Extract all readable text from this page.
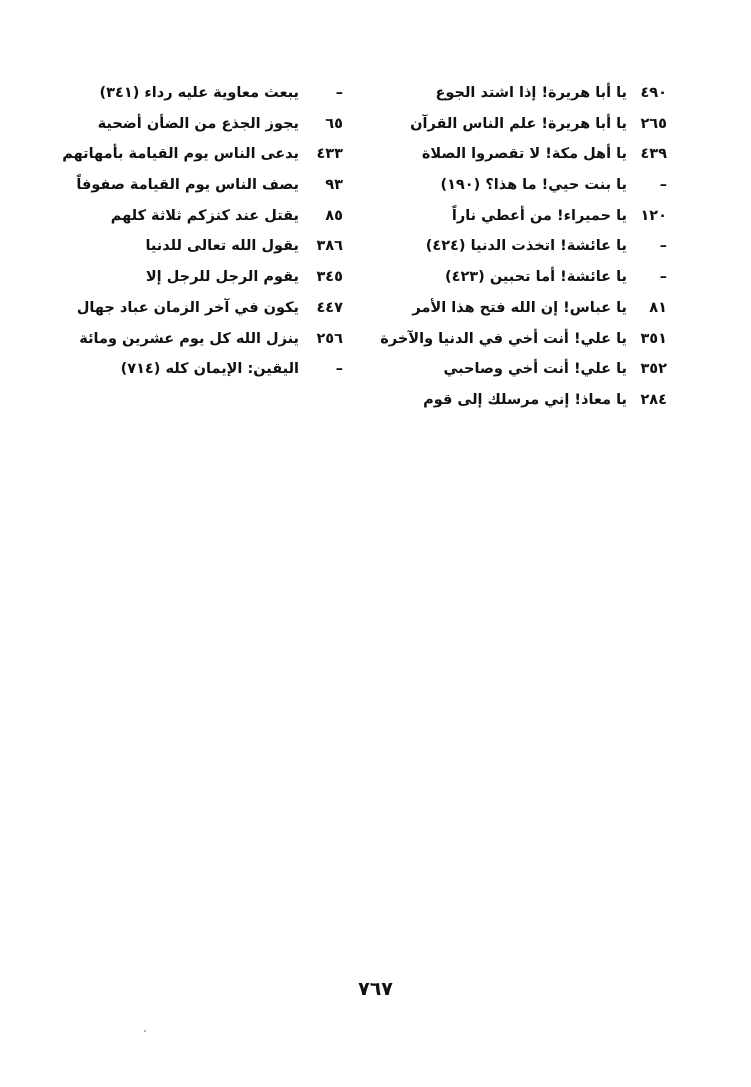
٤٩٠
يا أبا هريرة! إذا اشتد الجوع
٢٦٥
يا أبا هريرة! علم الناس القرآن
٤٣٩
يا أهل مكة! لا تقصروا الصلاة
–
يا بنت حيي! ما هذا؟ (١٩٠)
١٢٠
يا حميراء! من أعطي ناراً
–
يا عائشة! اتخذت الدنيا (٤٢٤)
–
يا عائشة! أما تحبين (٤٢٣)
٨١
يا عباس! إن الله فتح هذا الأمر
٣٥١
يا علي! أنت أخي في الدنيا والآخرة
٣٥٢
يا علي! أنت أخي وصاحبي
٢٨٤
يا معاذ! إني مرسلك إلى قوم
–
يبعث معاوية عليه رداء (٣٤١)
٦٥
يجوز الجذع من الضأن أضحية
٤٣٣
يدعى الناس يوم القيامة بأمهاتهم
٩٣
يصف الناس يوم القيامة صفوفاً
٨٥
يقتل عند كنزكم ثلاثة كلهم
٣٨٦
يقول الله تعالى للدنيا
٣٤٥
يقوم الرجل للرجل إلا
٤٤٧
يكون في آخر الزمان عباد جهال
٢٥٦
ينزل الله كل يوم عشرين ومائة
–
اليقين: الإيمان كله (٧١٤)
٧٦٧
